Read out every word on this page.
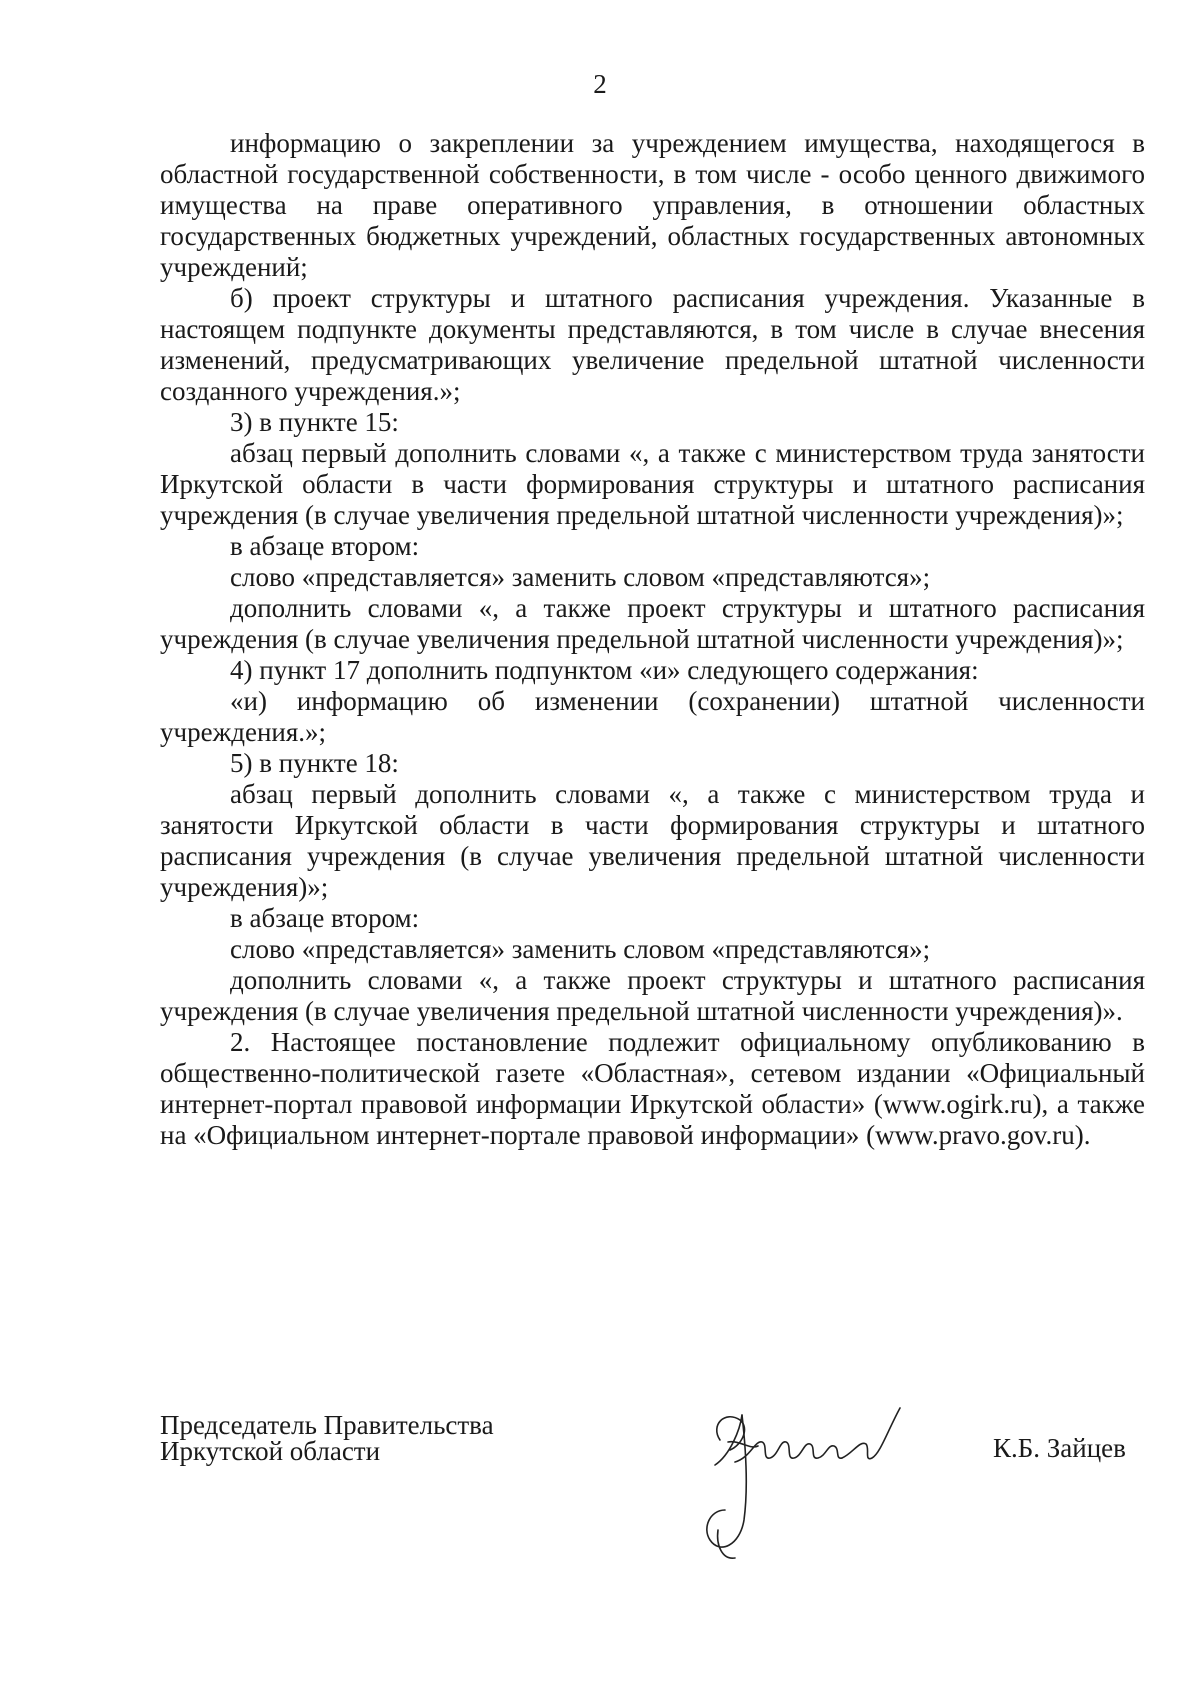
2

информацию о закреплении за учреждением имущества, находящегося в областной государственной собственности, в том числе - особо ценного движимого имущества на праве оперативного управления, в отношении областных государственных бюджетных учреждений, областных государственных автономных учреждений;

б) проект структуры и штатного расписания учреждения. Указанные в настоящем подпункте документы представляются, в том числе в случае внесения изменений, предусматривающих увеличение предельной штатной численности созданного учреждения.»;

3) в пункте 15:

абзац первый дополнить словами «, а также с министерством труда занятости Иркутской области в части формирования структуры и штатного расписания учреждения (в случае увеличения предельной штатной численности учреждения)»;

в абзаце втором:

слово «представляется» заменить словом «представляются»;

дополнить словами «, а также проект структуры и штатного расписания учреждения (в случае увеличения предельной штатной численности учреждения)»;

4) пункт 17 дополнить подпунктом «и» следующего содержания:

«и) информацию об изменении (сохранении) штатной численности учреждения.»;

5) в пункте 18:

абзац первый дополнить словами «, а также с министерством труда и занятости Иркутской области в части формирования структуры и штатного расписания учреждения (в случае увеличения предельной штатной численности учреждения)»;

в абзаце втором:

слово «представляется» заменить словом «представляются»;

дополнить словами «, а также проект структуры и штатного расписания учреждения (в случае увеличения предельной штатной численности учреждения)».

2. Настоящее постановление подлежит официальному опубликованию в общественно-политической газете «Областная», сетевом издании «Официальный интернет-портал правовой информации Иркутской области» (www.ogirk.ru), а также на «Официальном интернет-портале правовой информации» (www.pravo.gov.ru).

Председатель Правительства
Иркутской области	К.Б. Зайцев
